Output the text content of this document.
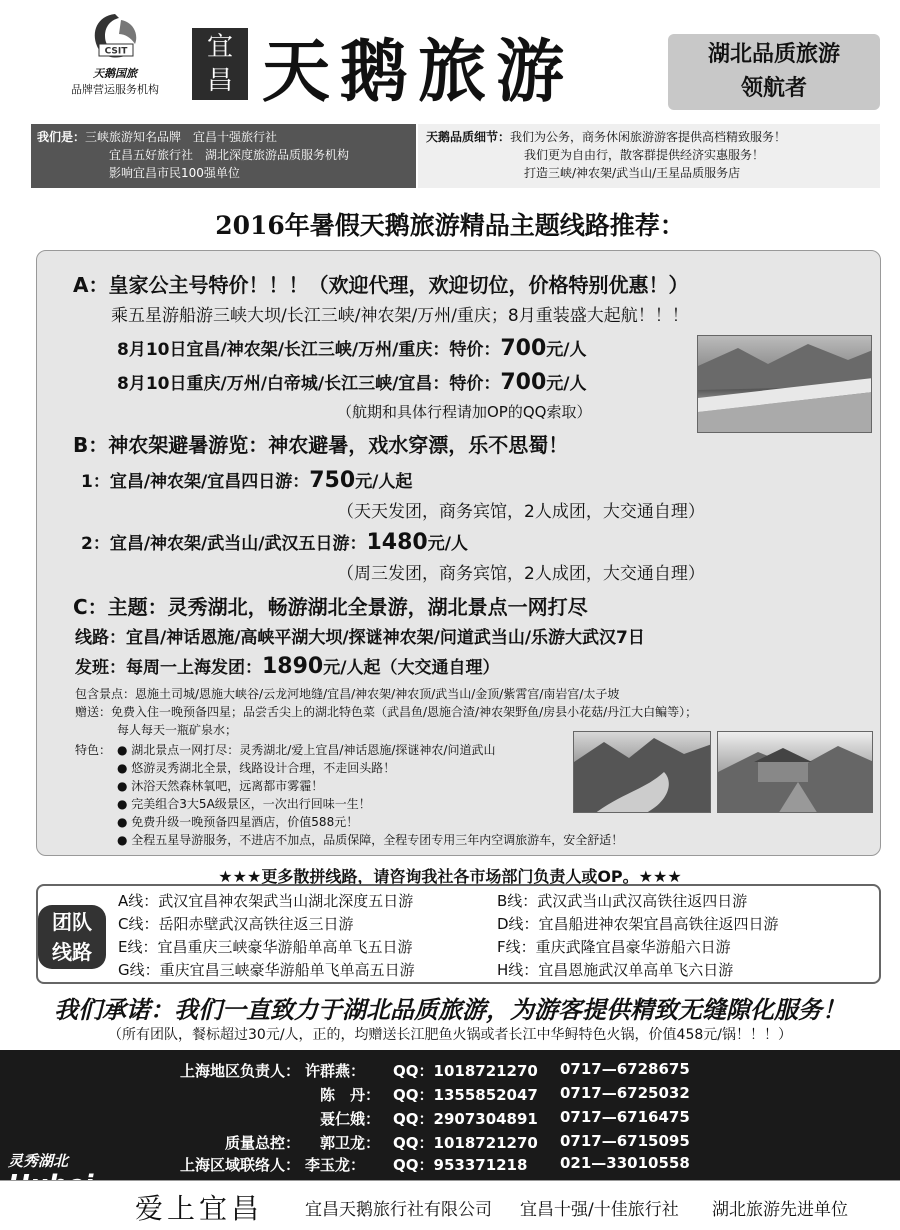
CSIT
天鹅国旅
品牌营运服务机构
宜
昌 天鹅旅游	湖北品质旅游
领航者
我们是：三峡旅游知名品牌　宜昌十强旅行社
宜昌五好旅行社　湖北深度旅游品质服务机构
影响宜昌市民100强单位
天鹅品质细节：我们为公务，商务休闲旅游游客提供高档精致服务！
我们更为自由行，散客群提供经济实惠服务！
打造三峡/神农架/武当山/王星品质服务店
2016年暑假天鹅旅游精品主题线路推荐：
A：皇家公主号特价！！！（欢迎代理，欢迎切位，价格特别优惠！）
乘五星游船游三峡大坝/长江三峡/神农架/万州/重庆；8月重装盛大起航！！！
8月10日宜昌/神农架/长江三峡/万州/重庆：特价：700元/人
8月10日重庆/万州/白帝城/长江三峡/宜昌：特价：700元/人
（航期和具体行程请加OP的QQ索取）
B：神农架避暑游览：神农避暑，戏水穿漂，乐不思蜀！
1：宜昌/神农架/宜昌四日游：750元/人起
（天天发团，商务宾馆，2人成团，大交通自理）
2：宜昌/神农架/武当山/武汉五日游：1480元/人
（周三发团，商务宾馆，2人成团，大交通自理）
C：主题：灵秀湖北，畅游湖北全景游，湖北景点一网打尽
线路：宜昌/神话恩施/高峡平湖大坝/探谜神农架/问道武当山/乐游大武汉7日
发班：每周一上海发团：1890元/人起（大交通自理）
包含景点：恩施土司城/恩施大峡谷/云龙河地缝/宜昌/神农架/神农顶/武当山/金顶/紫霄宫/南岩宫/太子坡
赠送：免费入住一晚预备四星；品尝舌尖上的湖北特色菜（武昌鱼/恩施合渣/神农架野鱼/房县小花菇/丹江大白鳊等）；
每人每天一瓶矿泉水；
特色： ● 湖北景点一网打尽：灵秀湖北/爱上宜昌/神话恩施/探谜神农/问道武山
● 悠游灵秀湖北全景，线路设计合理，不走回头路！
● 沐浴天然森林氧吧，远离都市雾霾！
● 完美组合3大5A级景区，一次出行回味一生！
● 免费升级一晚预备四星酒店，价值588元！
● 全程五星导游服务，不进店不加点，品质保障，全程专团专用三年内空调旅游车，安全舒适！
★★★更多散拼线路，请咨询我社各市场部门负责人或OP。★★★
团队
线路
A线：武汉宜昌神农架武当山湖北深度五日游	B线：武汉武当山武汉高铁往返四日游
C线：岳阳赤壁武汉高铁往返三日游	D线：宜昌船进神农架宜昌高铁往返四日游
E线：宜昌重庆三峡豪华游船单高单飞五日游	F线：重庆武隆宜昌豪华游船六日游
G线：重庆宜昌三峡豪华游船单飞单高五日游	H线：宜昌恩施武汉单高单飞六日游
我们承诺：我们一直致力于湖北品质旅游，为游客提供精致无缝隙化服务！
（所有团队，餐标超过30元/人，正的，均赠送长江肥鱼火锅或者长江中华鲟特色火锅，价值458元/锅！！！）
上海地区负责人： 许群燕： QQ：1018721270 0717—6728675
陈　丹： QQ：1355852047 0717—6725032
聂仁娥： QQ：2907304891 0717—6716475
质量总控： 郭卫龙： QQ：1018721270 0717—6715095
上海区域联络人： 李玉龙： QQ：953371218 021—33010558
灵秀湖北
Hubei
爱上宜昌 宜昌天鹅旅行社有限公司 宜昌十强/十佳旅行社 湖北旅游先进单位
